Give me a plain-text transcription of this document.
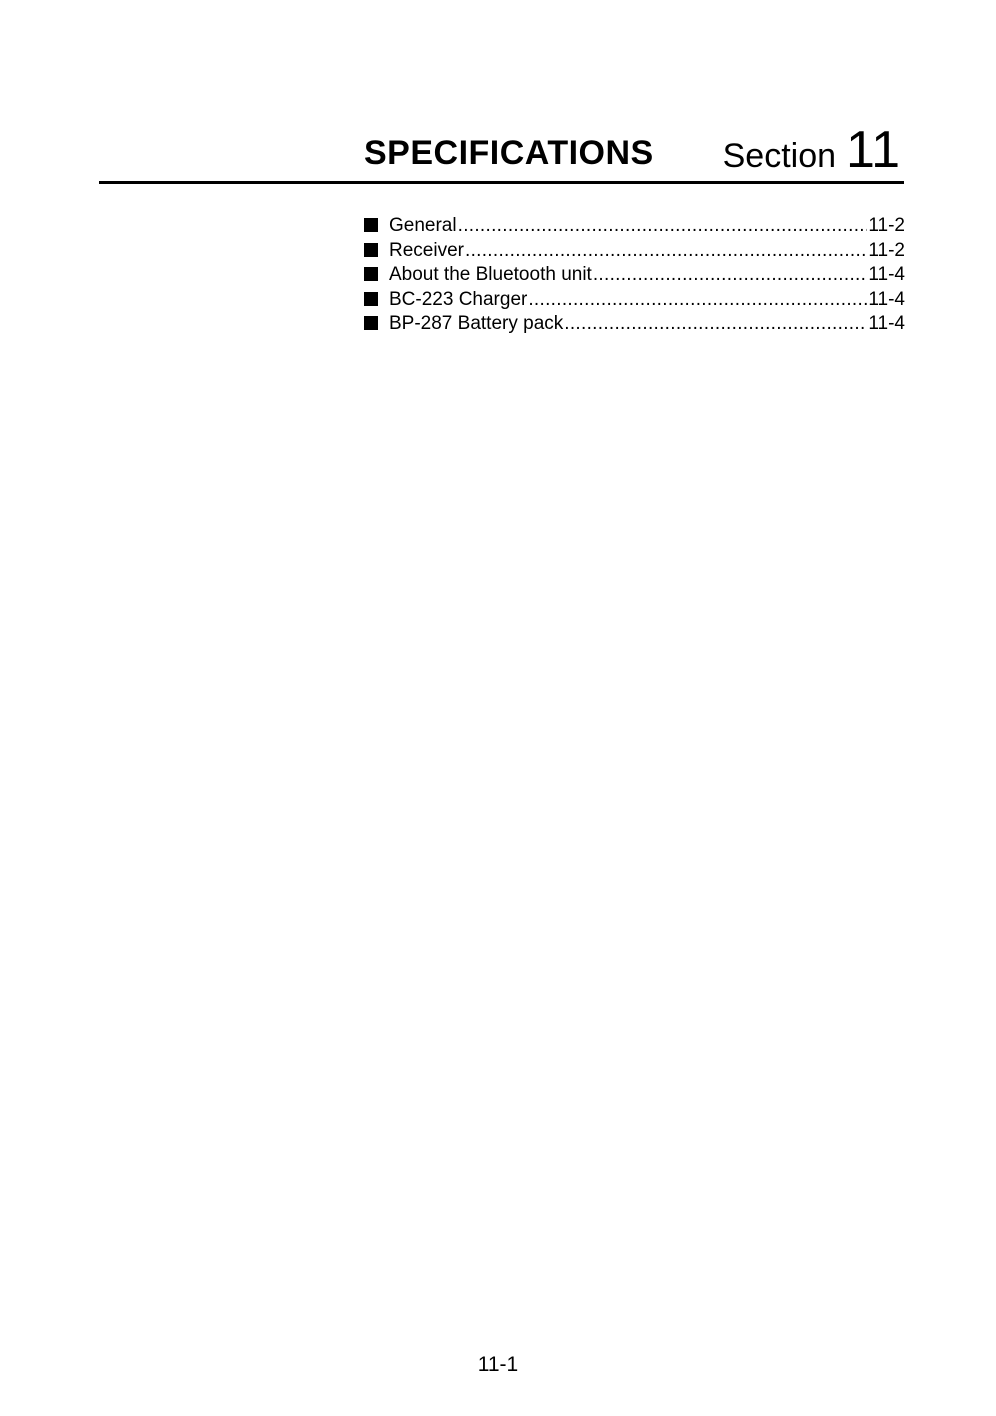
SPECIFICATIONS Section 11
General .....	11-2
Receiver .....	11-2
About the Bluetooth unit .....	11-4
BC-223 Charger .....	11-4
BP-287 Battery pack .....	11-4
11-1
